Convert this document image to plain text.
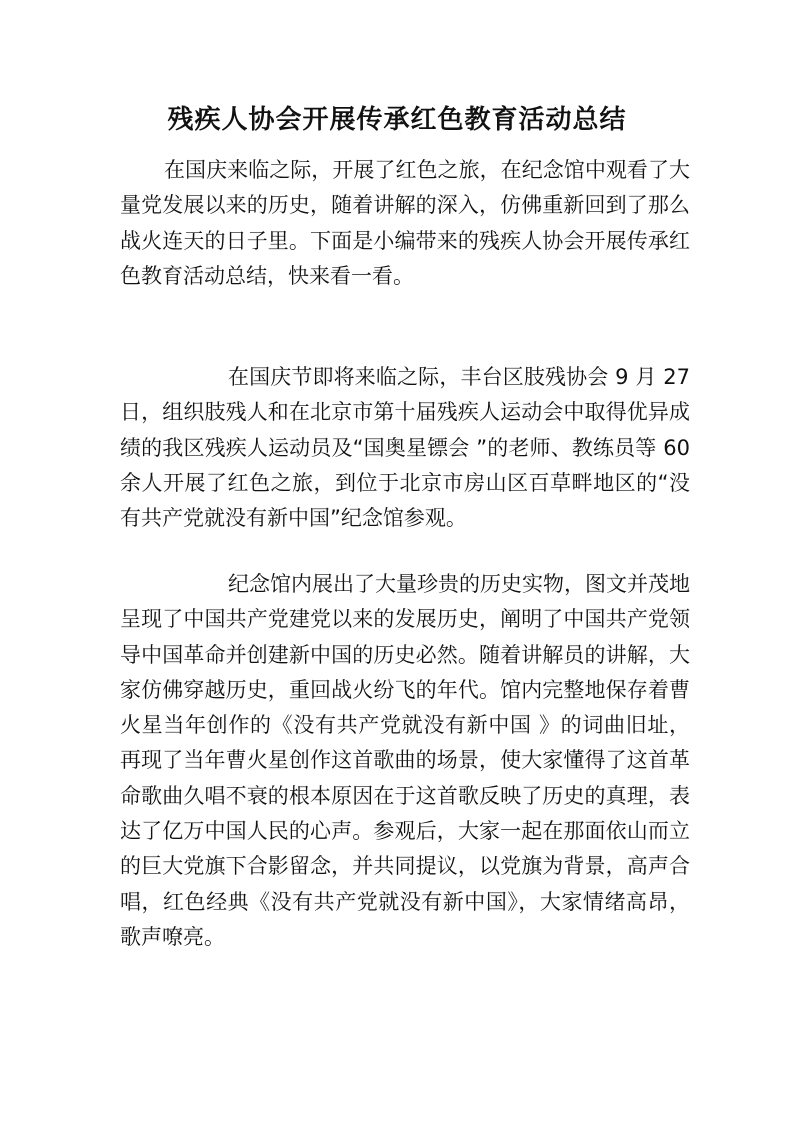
残疾人协会开展传承红色教育活动总结

在国庆来临之际，开展了红色之旅，在纪念馆中观看了大量党发展以来的历史，随着讲解的深入，仿佛重新回到了那么战火连天的日子里。下面是小编带来的残疾人协会开展传承红色教育活动总结，快来看一看。

在国庆节即将来临之际，丰台区肢残协会 9 月 27 日，组织肢残人和在北京市第十届残疾人运动会中取得优异成绩的我区残疾人运动员及“国奥星镖会 ”的老师、教练员等 60 余人开展了红色之旅，到位于北京市房山区百草畔地区的“没有共产党就没有新中国”纪念馆参观。

纪念馆内展出了大量珍贵的历史实物，图文并茂地呈现了中国共产党建党以来的发展历史，阐明了中国共产党领导中国革命并创建新中国的历史必然。随着讲解员的讲解，大家仿佛穿越历史，重回战火纷飞的年代。馆内完整地保存着曹火星当年创作的《没有共产党就没有新中国 》的词曲旧址，再现了当年曹火星创作这首歌曲的场景，使大家懂得了这首革命歌曲久唱不衰的根本原因在于这首歌反映了历史的真理，表达了亿万中国人民的心声。参观后，大家一起在那面依山而立的巨大党旗下合影留念，并共同提议，以党旗为背景，高声合唱，红色经典《没有共产党就没有新中国》，大家情绪高昂，歌声嘹亮。
